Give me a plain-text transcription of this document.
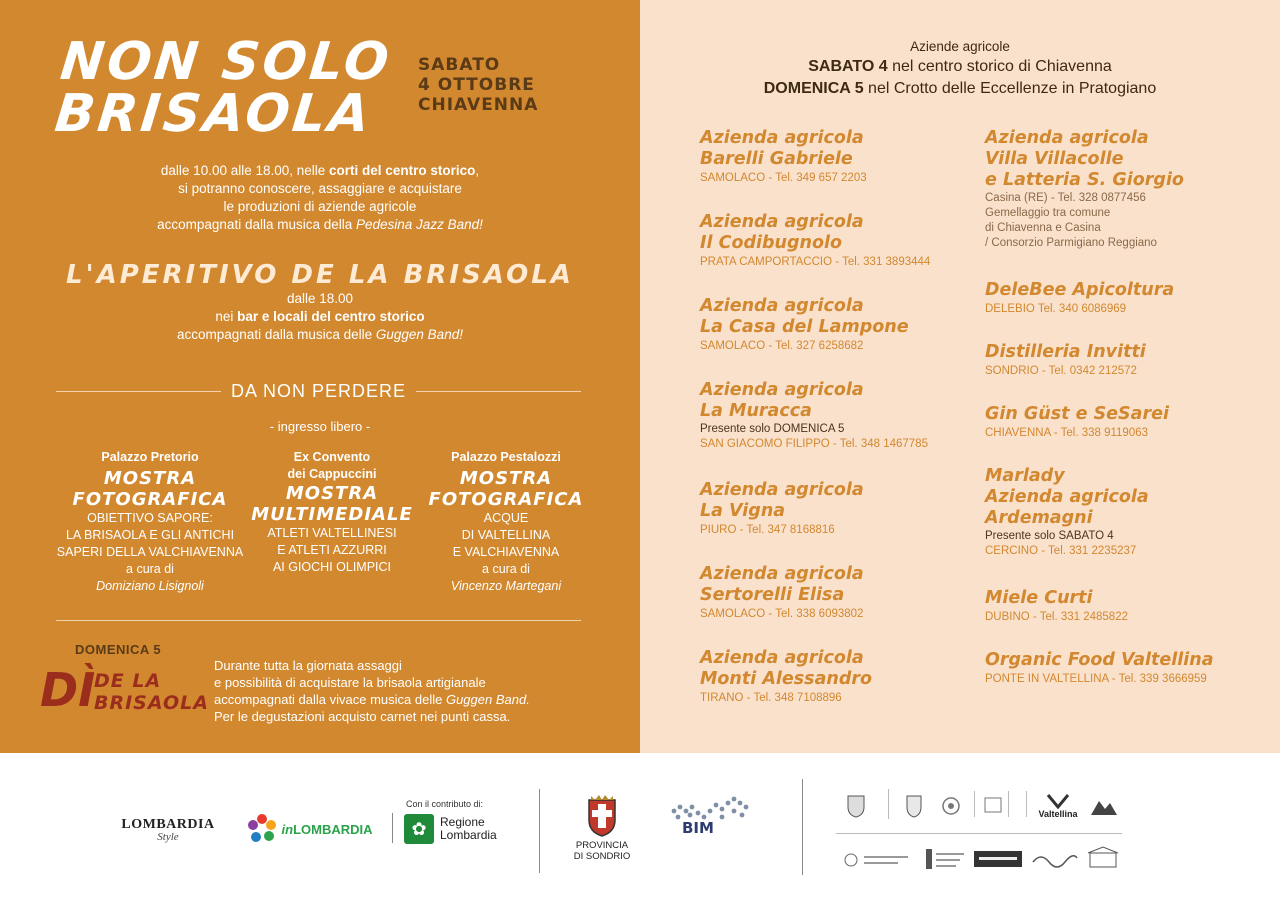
NON SOLO
BRISAOLA
SABATO
4 OTTOBRE
CHIAVENNA
dalle 10.00 alle 18.00, nelle corti del centro storico,
si potranno conoscere, assaggiare e acquistare
le produzioni di aziende agricole
accompagnati dalla musica della Pedesina Jazz Band!
L'APERITIVO DE LA BRISAOLA
dalle 18.00
nei bar e locali del centro storico
accompagnati dalla musica delle Guggen Band!
DA NON PERDERE
- ingresso libero -
Palazzo Pretorio
MOSTRA
FOTOGRAFICA
OBIETTIVO SAPORE:
LA BRISAOLA E GLI ANTICHI
SAPERI DELLA VALCHIAVENNA
a cura di
Domiziano Lisignoli
Ex Convento
dei Cappuccini
MOSTRA
MULTIMEDIALE
ATLETI VALTELLINESI
E ATLETI AZZURRI
AI GIOCHI OLIMPICI
Palazzo Pestalozzi
MOSTRA
FOTOGRAFICA
ACQUE
DI VALTELLINA
E VALCHIAVENNA
a cura di
Vincenzo Martegani
DOMENICA 5
DÌ
DE LA
BRISAOLA
Durante tutta la giornata assaggi
e possibilità di acquistare la brisaola artigianale
accompagnati dalla vivace musica delle Guggen Band.
Per le degustazioni acquisto carnet nei punti cassa.
Aziende agricole
SABATO 4 nel centro storico di Chiavenna
DOMENICA 5 nel Crotto delle Eccellenze in Pratogiano
Azienda agricola
Barelli Gabriele
SAMOLACO - Tel. 349 657 2203
Azienda agricola
Il Codibugnolo
PRATA CAMPORTACCIO - Tel. 331 3893444
Azienda agricola
La Casa del Lampone
SAMOLACO - Tel. 327 6258682
Azienda agricola
La Muracca
Presente solo DOMENICA 5
SAN GIACOMO FILIPPO - Tel. 348 1467785
Azienda agricola
La Vigna
PIURO - Tel. 347 8168816
Azienda agricola
Sertorelli Elisa
SAMOLACO - Tel. 338 6093802
Azienda agricola
Monti Alessandro
TIRANO - Tel. 348 7108896
Azienda agricola
Villa Villacolle
e Latteria S. Giorgio
Casina (RE) - Tel. 328 0877456
Gemellaggio tra comune
di Chiavenna e Casina
/ Consorzio Parmigiano Reggiano
DeleBee Apicoltura
DELEBIO Tel. 340 6086969
Distilleria Invitti
SONDRIO - Tel. 0342 212572
Gin Güst e SeSarei
CHIAVENNA - Tel. 338 9119063
Marlady
Azienda agricola
Ardemagni
Presente solo SABATO 4
CERCINO - Tel. 331 2235237
Miele Curti
DUBINO - Tel. 331 2485822
Organic Food Valtellina
PONTE IN VALTELLINA - Tel. 339 3666959
LOMBARDIA
Style
in LOMBARDIA
Con il contributo di:
✿	Regione
Lombardia
PROVINCIA
DI SONDRIO
BIM
Valtellina
